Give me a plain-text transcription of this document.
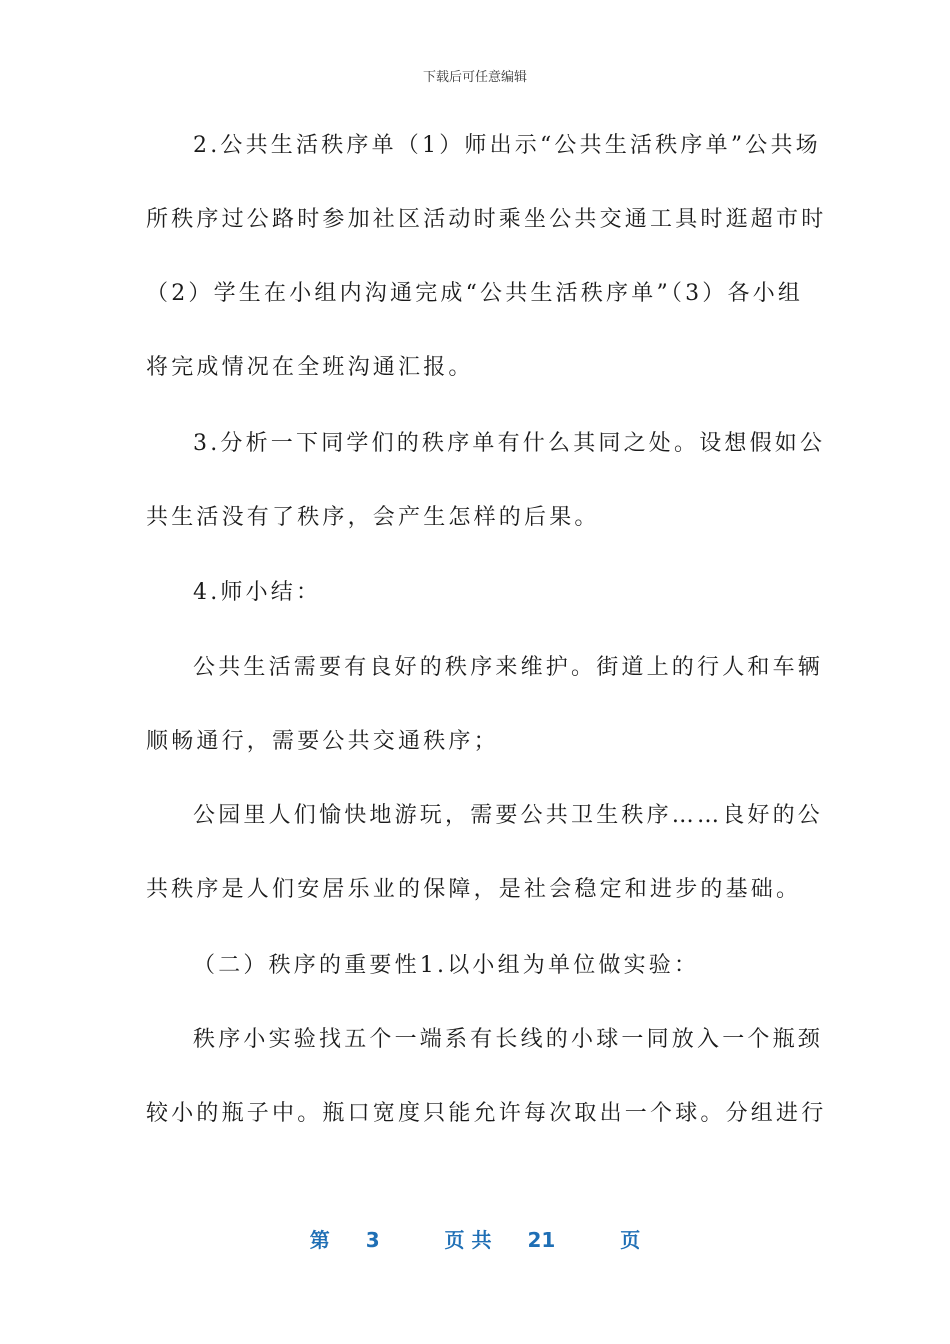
下载后可任意编辑
2.公共生活秩序单（1）师出示“公共生活秩序单”公共场
所秩序过公路时参加社区活动时乘坐公共交通工具时逛超市时
（2）学生在小组内沟通完成“公共生活秩序单”（3）各小组
将完成情况在全班沟通汇报。
3.分析一下同学们的秩序单有什么其同之处。设想假如公
共生活没有了秩序，会产生怎样的后果。
4.师小结：
公共生活需要有良好的秩序来维护。街道上的行人和车辆
顺畅通行，需要公共交通秩序；
公园里人们愉快地游玩，需要公共卫生秩序……良好的公
共秩序是人们安居乐业的保障，是社会稳定和进步的基础。
（二）秩序的重要性1.以小组为单位做实验：
秩序小实验找五个一端系有长线的小球一同放入一个瓶颈
较小的瓶子中。瓶口宽度只能允许每次取出一个球。分组进行
第 3	页 共 21	页
